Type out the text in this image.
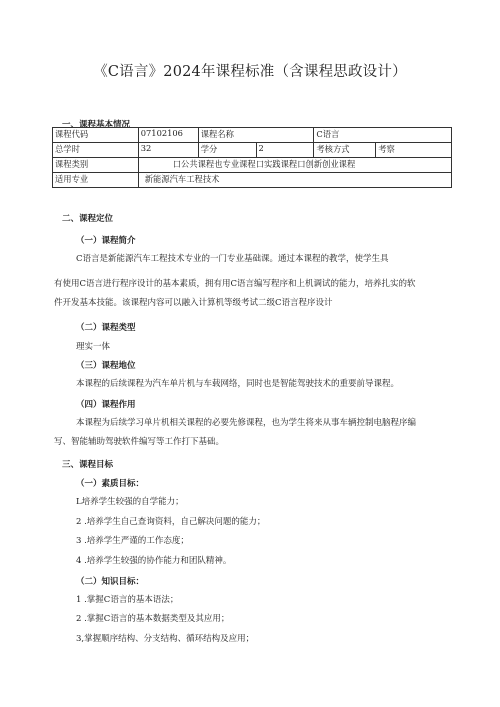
《C语言》2024年课程标准（含课程思政设计）
一、课程基本情况
课程代码	07102106	课程名称		C语言	
总学时	32	学分	2	考核方式	考察
课程类别	口公共课程也专业课程口实践课程口创新创业课程				
适用专业	新能源汽车工程技术				
二、课程定位
（一）课程简介
C语言是新能源汽车工程技术专业的一门专业基础课。通过本课程的教学，使学生具
有使用C语言进行程序设计的基本素质，拥有用C语言编写程序和上机调试的能力，培养扎实的软
件开发基本技能。该课程内容可以融入计算机等级考试二级C语言程序设计
（二）课程类型
理实一体
（三）课程地位
本课程的后续课程为汽车单片机与车载网络，同时也是智能驾驶技术的重要前导课程。
（四）课程作用
本课程为后续学习单片机相关课程的必要先修课程，也为学生将来从事车辆控制电脑程序编
写、智能辅助驾驶软件编写等工作打下基础。
三、课程目标
（一）素质目标：
L培养学生较强的自学能力；
2 .培养学生自己查询资料，自己解决问题的能力；
3 .培养学生严谨的工作态度；
4 .培养学生较强的协作能力和团队精神。
（二）知识目标：
1 .掌握C语言的基本语法；
2 .掌握C语言的基本数据类型及其应用；
3,掌握顺序结构、分支结构、循环结构及应用；
